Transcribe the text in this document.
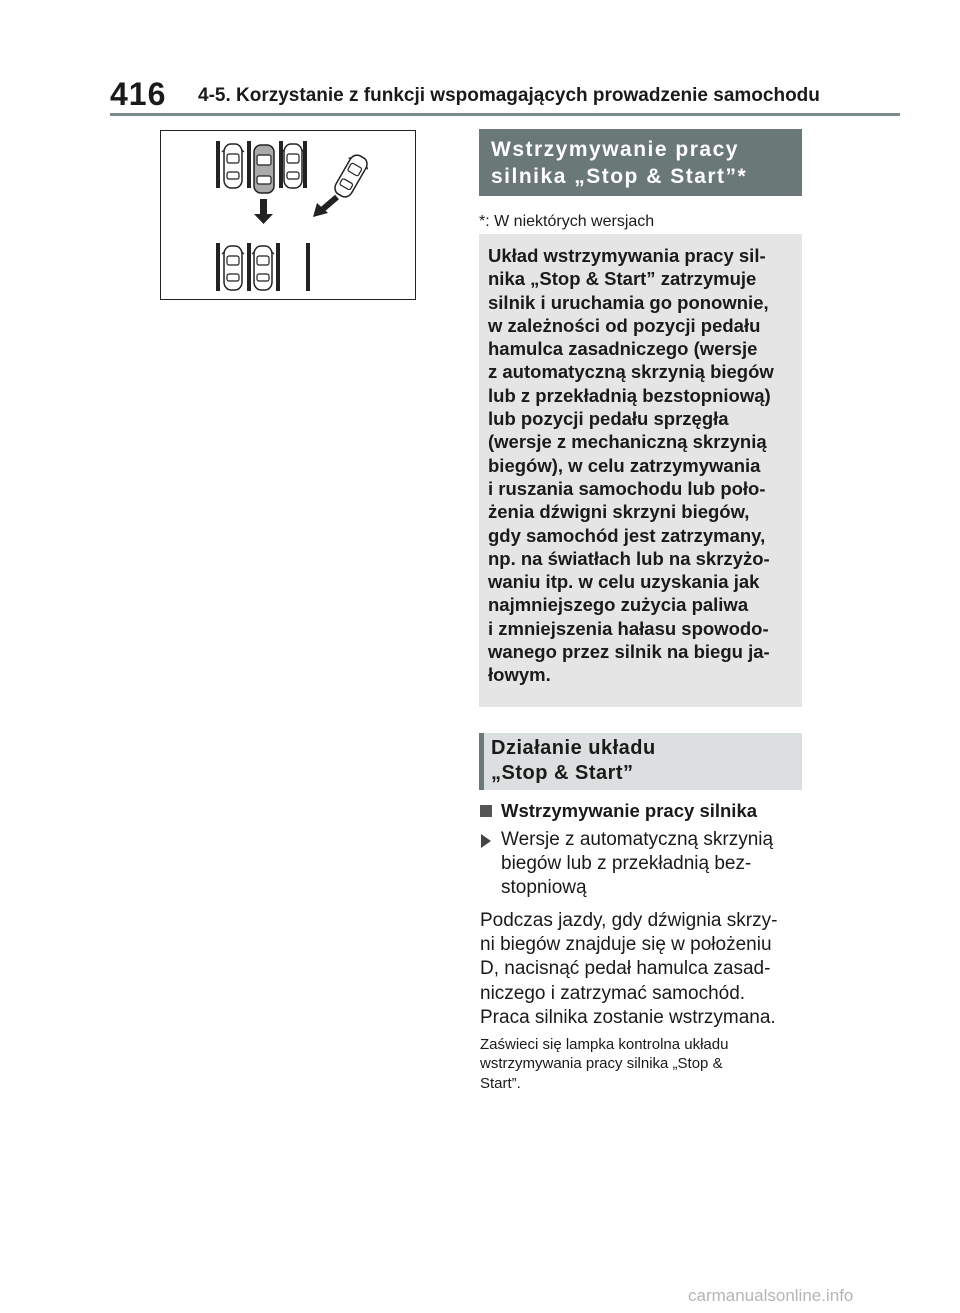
416 4-5. Korzystanie z funkcji wspomagających prowadzenie samochodu
Wstrzymywanie pracy
silnika „Stop & Start”*
*: W niektórych wersjach
Układ wstrzymywania pracy sil-
nika „Stop & Start” zatrzymuje
silnik i uruchamia go ponownie,
w zależności od pozycji pedału
hamulca zasadniczego (wersje
z automatyczną skrzynią biegów
lub z przekładnią bezstopniową)
lub pozycji pedału sprzęgła
(wersje z mechaniczną skrzynią
biegów), w celu zatrzymywania
i ruszania samochodu lub poło-
żenia dźwigni skrzyni biegów,
gdy samochód jest zatrzymany,
np. na światłach lub na skrzyżo-
waniu itp. w celu uzyskania jak
najmniejszego zużycia paliwa
i zmniejszenia hałasu spowodo-
wanego przez silnik na biegu ja-
łowym.
Działanie układu
„Stop & Start”
Wstrzymywanie pracy silnika
Wersje z automatyczną skrzynią
biegów lub z przekładnią bez-
stopniową
Podczas jazdy, gdy dźwignia skrzy-
ni biegów znajduje się w położeniu
D, nacisnąć pedał hamulca zasad-
niczego i zatrzymać samochód.
Praca silnika zostanie wstrzymana.
Zaświeci się lampka kontrolna układu
wstrzymywania pracy silnika „Stop &
Start”.
carmanualsonline.info
